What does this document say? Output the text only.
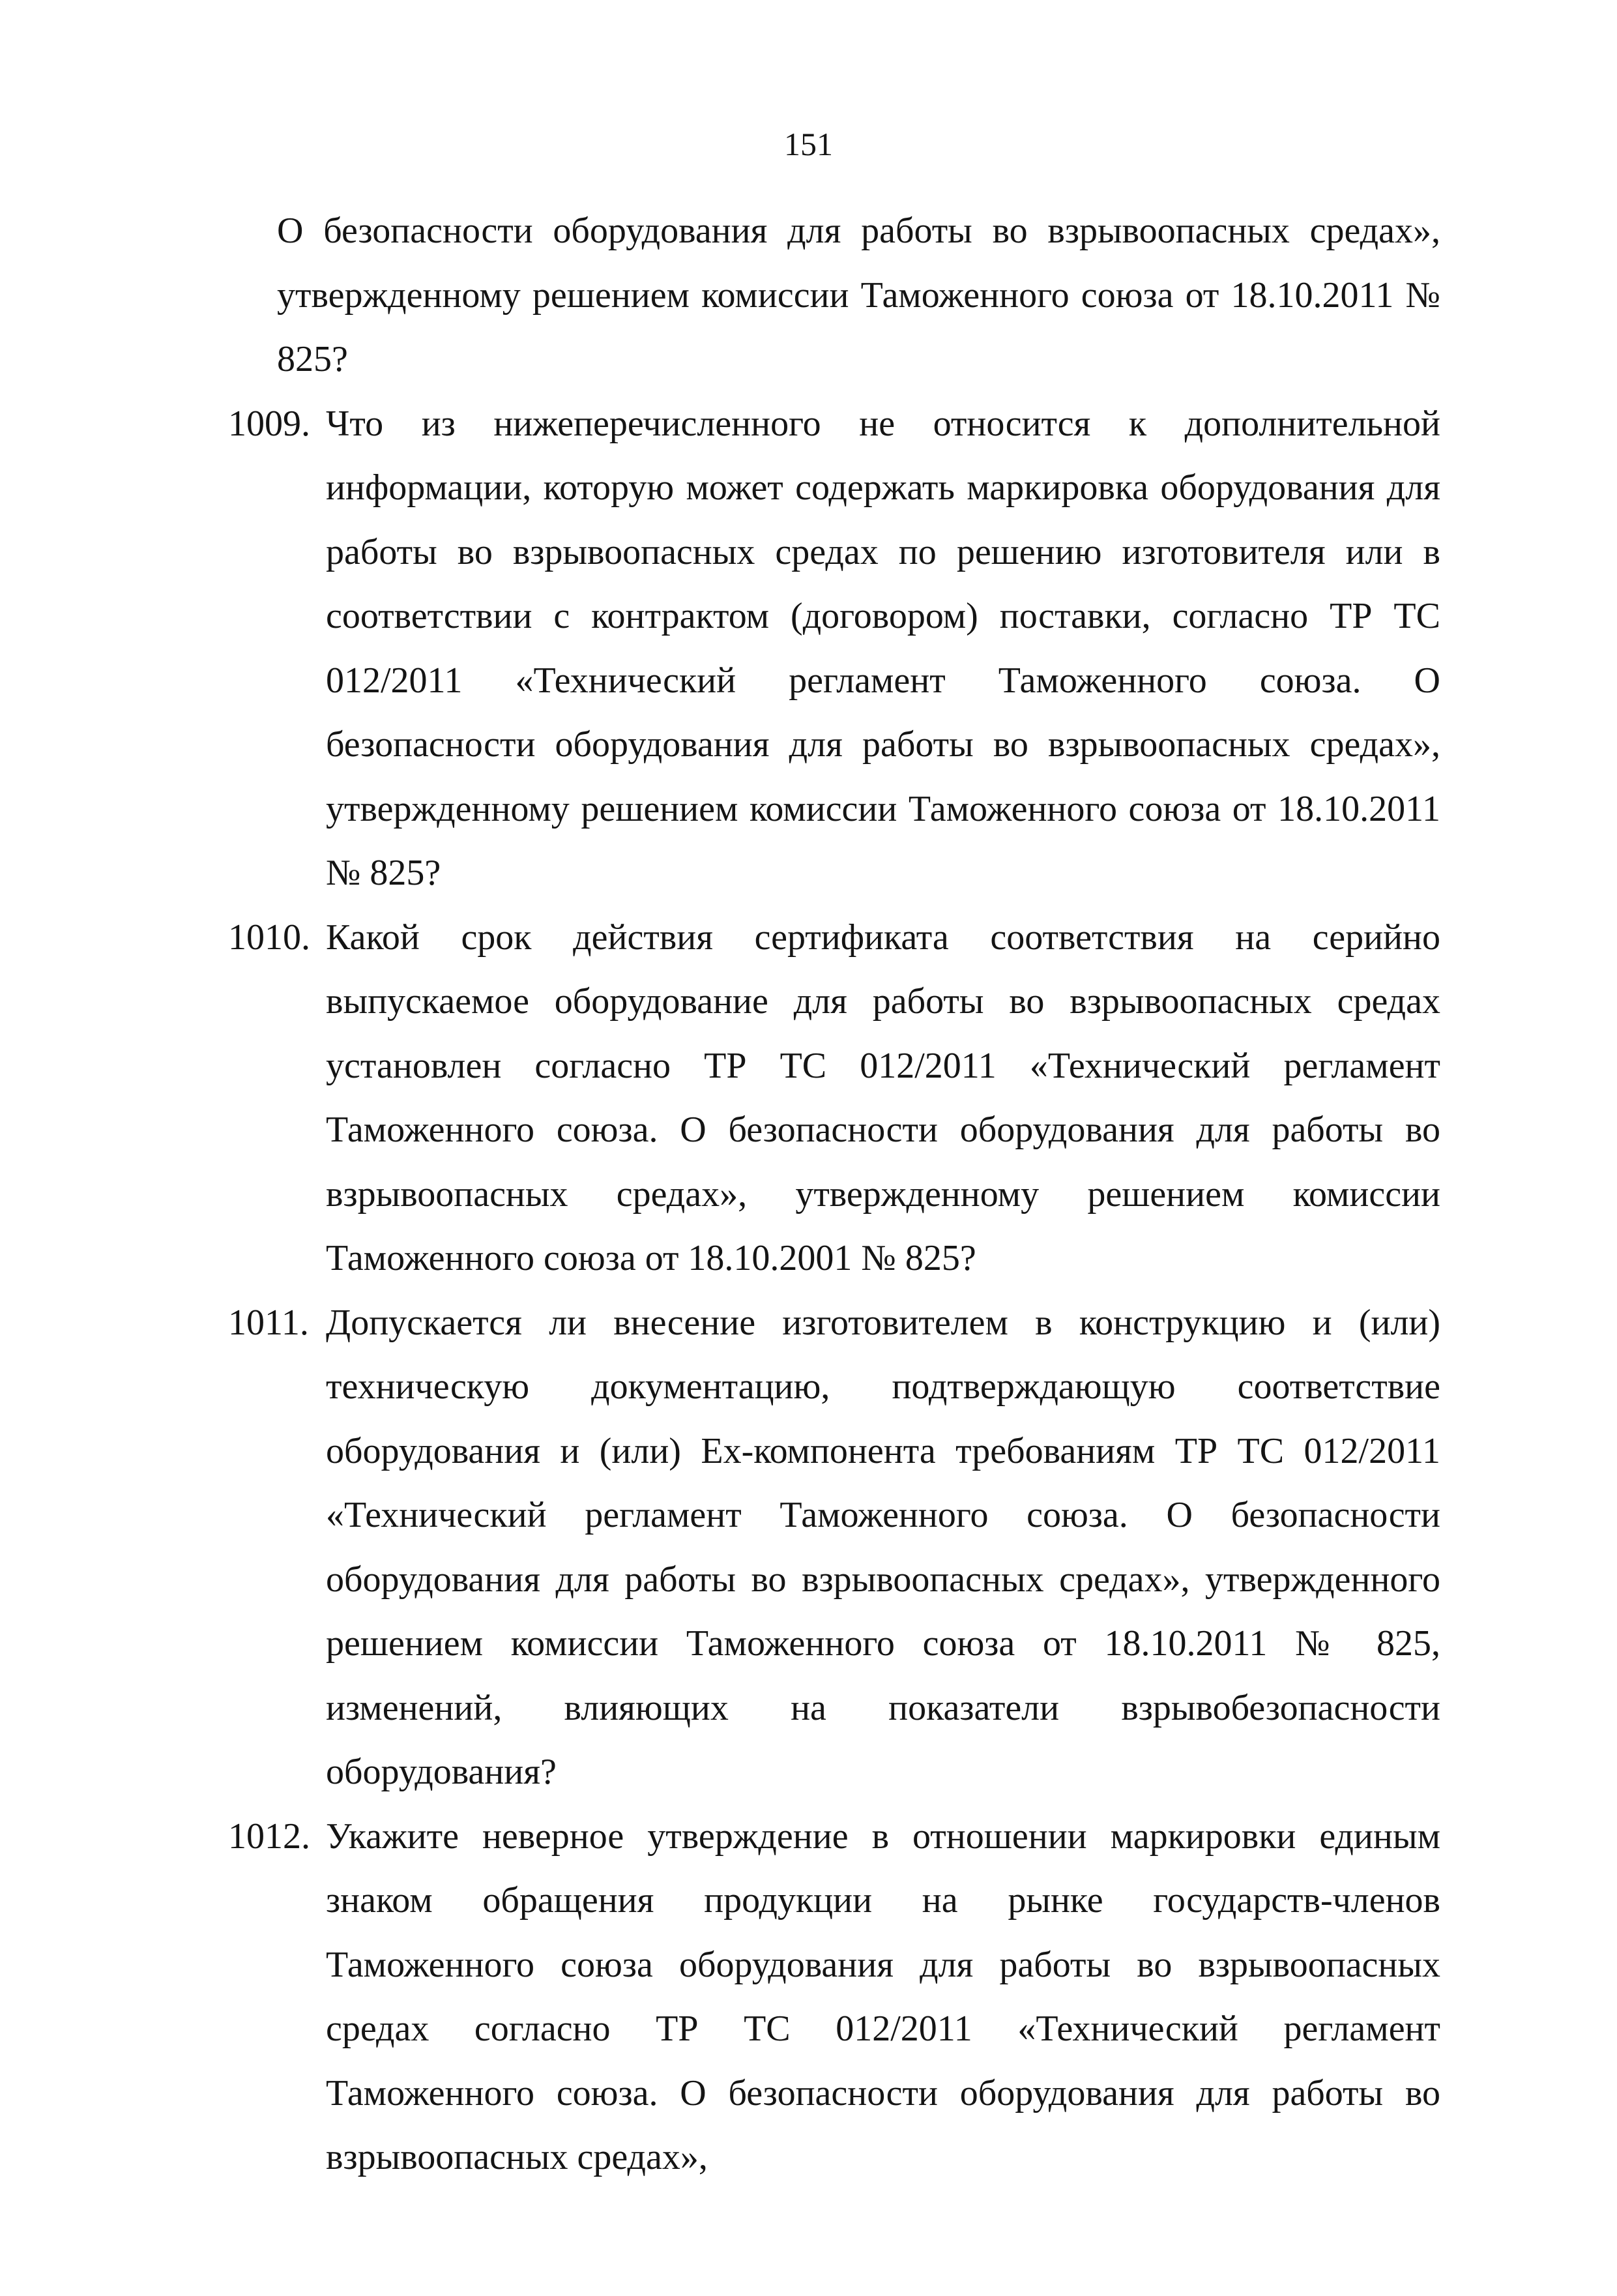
151

О безопасности оборудования для работы во взрывоопасных средах», утвержденному решением комиссии Таможенного союза от 18.10.2011 № 825?

1009. Что из нижеперечисленного не относится к дополнительной информации, которую может содержать маркировка оборудования для работы во взрывоопасных средах по решению изготовителя или в соответствии с контрактом (договором) поставки, согласно ТР ТС 012/2011 «Технический регламент Таможенного союза. О безопасности оборудования для работы во взрывоопасных средах», утвержденному решением комиссии Таможенного союза от 18.10.2011 № 825?
1010. Какой срок действия сертификата соответствия на серийно выпускаемое оборудование для работы во взрывоопасных средах установлен согласно ТР ТС 012/2011 «Технический регламент Таможенного союза. О безопасности оборудования для работы во взрывоопасных средах», утвержденному решением комиссии Таможенного союза от 18.10.2001 № 825?
1011. Допускается ли внесение изготовителем в конструкцию и (или) техническую документацию, подтверждающую соответствие оборудования и (или) Ех-компонента требованиям ТР ТС 012/2011 «Технический регламент Таможенного союза. О безопасности оборудования для работы во взрывоопасных средах», утвержденного решением комиссии Таможенного союза от 18.10.2011 № 825, изменений, влияющих на показатели взрывобезопасности оборудования?
1012. Укажите неверное утверждение в отношении маркировки единым знаком обращения продукции на рынке государств-членов Таможенного союза оборудования для работы во взрывоопасных средах согласно ТР ТС 012/2011 «Технический регламент Таможенного союза. О безопасности оборудования для работы во взрывоопасных средах»,
